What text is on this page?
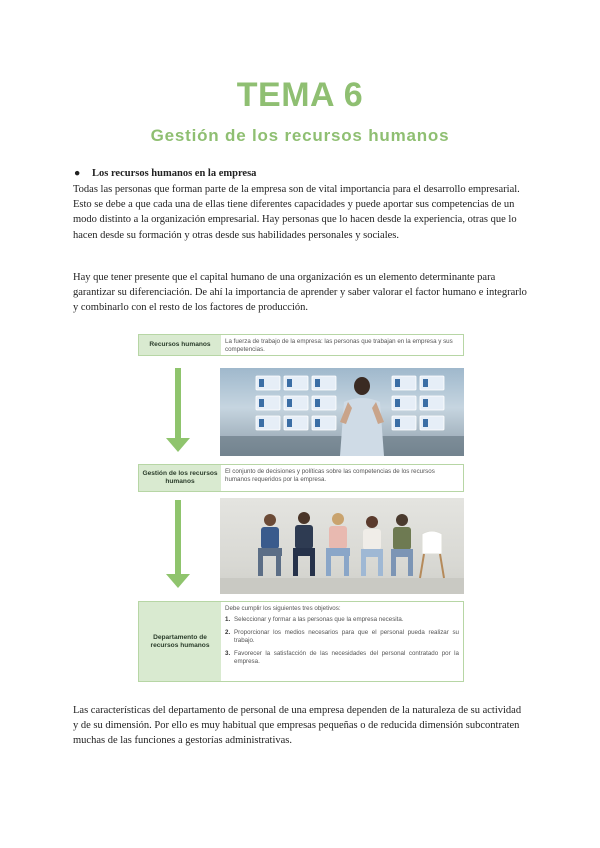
TEMA 6
Gestión de los recursos humanos
● Los recursos humanos en la empresa

Todas las personas que forman parte de la empresa son de vital importancia para el desarrollo empresarial. Esto se debe a que cada una de ellas tiene diferentes capacidades y puede aportar sus competencias de un modo distinto a la organización empresarial. Hay personas que lo hacen desde la experiencia, otras que lo hacen desde su formación y otras desde sus habilidades personales y sociales.

Hay que tener presente que el capital humano de una organización es un elemento determinante para garantizar su diferenciación. De ahí la importancia de aprender y saber valorar el factor humano e integrarlo y combinarlo con el resto de los factores de producción.

Recursos humanos	La fuerza de trabajo de la empresa: las personas que trabajan en la empresa y sus competencias.
Gestión de los recursos humanos
El conjunto de decisiones y políticas sobre las competencias de los recursos humanos requeridos por la empresa.
Departamento de recursos humanos
Debe cumplir los siguientes tres objetivos:
1. Seleccionar y formar a las personas que la empresa necesita.
2. Proporcionar los medios necesarios para que el personal pueda realizar su trabajo.
3. Favorecer la satisfacción de las necesidades del personal contratado por la empresa.

Las características del departamento de personal de una empresa dependen de la naturaleza de su actividad y de su dimensión. Por ello es muy habitual que empresas pequeñas o de reducida dimensión subcontraten muchas de las funciones a gestorías administrativas.
